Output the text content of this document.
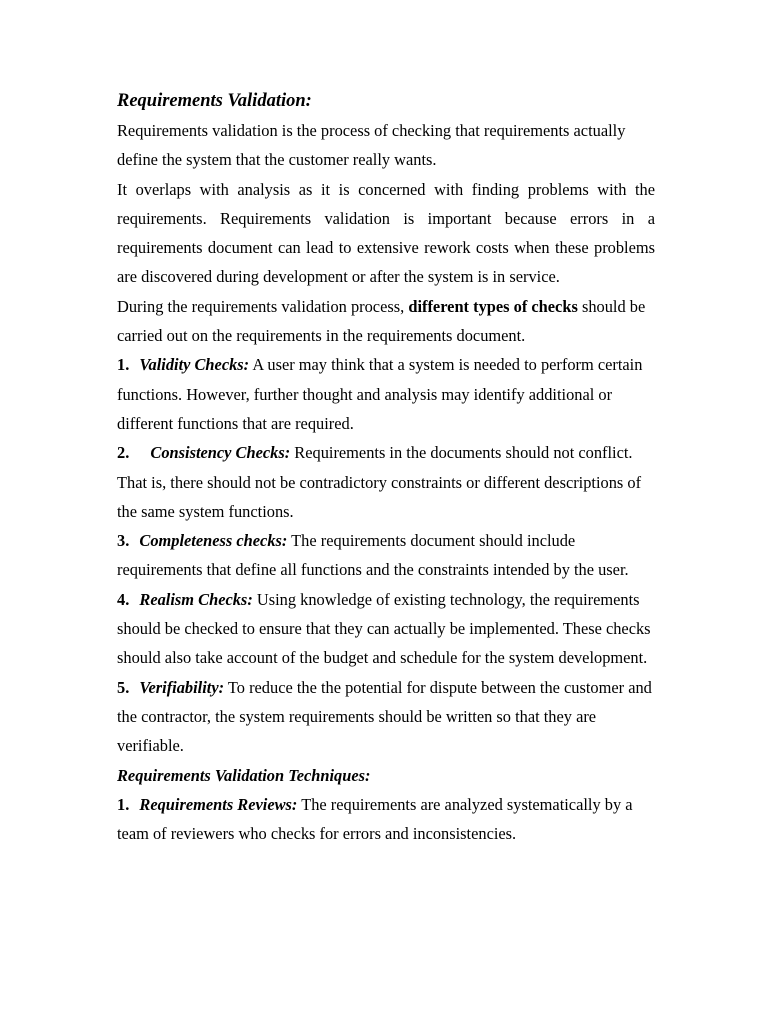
Requirements Validation:

Requirements validation is the process of checking that requirements actually define the system that the customer really wants.

It overlaps with analysis as it is concerned with finding problems with the requirements. Requirements validation is important because errors in a requirements document can lead to extensive rework costs when these problems are discovered during development or after the system is in service.

During the requirements validation process, different types of checks should be carried out on the requirements in the requirements document.

1. Validity Checks: A user may think that a system is needed to perform certain functions. However, further thought and analysis may identify additional or different functions that are required.

2. Consistency Checks: Requirements in the documents should not conflict. That is, there should not be contradictory constraints or different descriptions of the same system functions.

3. Completeness checks: The requirements document should include requirements that define all functions and the constraints intended by the user.

4. Realism Checks: Using knowledge of existing technology, the requirements should be checked to ensure that they can actually be implemented. These checks should also take account of the budget and schedule for the system development.

5. Verifiability: To reduce the the potential for dispute between the customer and the contractor, the system requirements should be written so that they are verifiable.

Requirements Validation Techniques:

1. Requirements Reviews: The requirements are analyzed systematically by a team of reviewers who checks for errors and inconsistencies.
